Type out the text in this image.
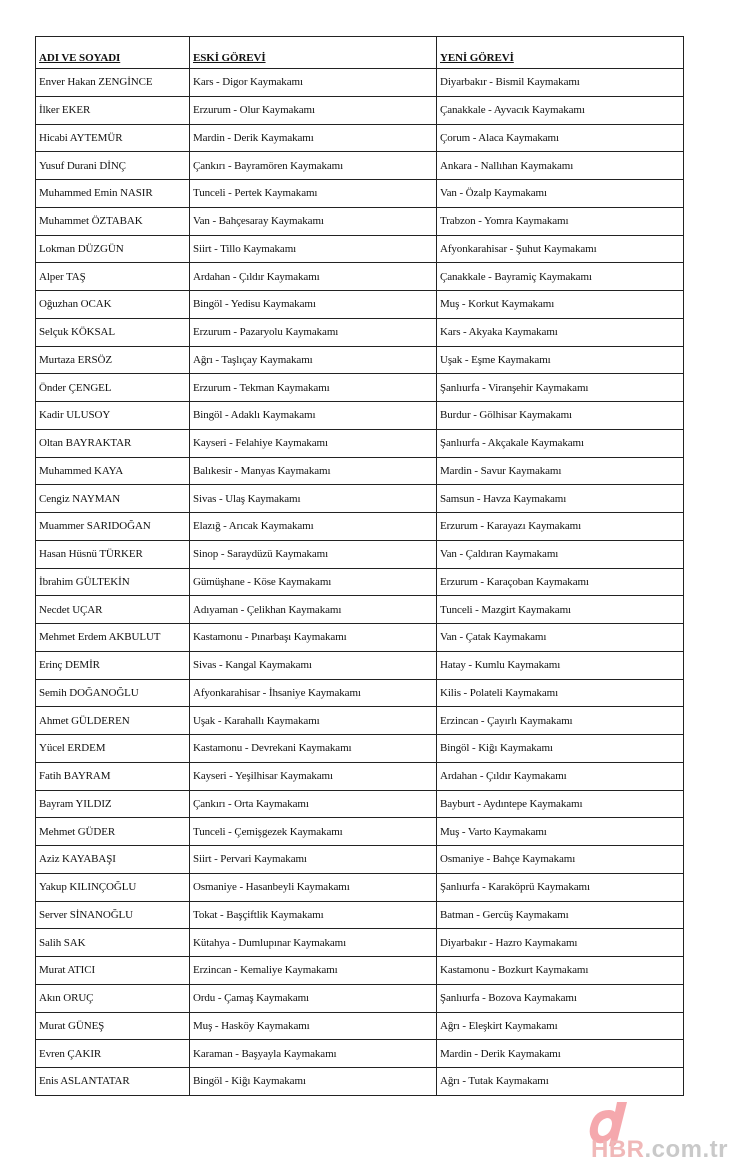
ADI VE SOYADI	ESKİ GÖREVİ	YENİ GÖREVİ
Enver Hakan ZENGİNCE	Kars - Digor Kaymakamı	Diyarbakır - Bismil Kaymakamı
İlker EKER	Erzurum - Olur Kaymakamı	Çanakkale - Ayvacık Kaymakamı
Hicabi AYTEMÜR	Mardin - Derik Kaymakamı	Çorum - Alaca Kaymakamı
Yusuf Durani DİNÇ	Çankırı - Bayramören Kaymakamı	Ankara - Nallıhan Kaymakamı
Muhammed Emin NASIR	Tunceli - Pertek Kaymakamı	Van - Özalp Kaymakamı
Muhammet ÖZTABAK	Van - Bahçesaray Kaymakamı	Trabzon - Yomra Kaymakamı
Lokman DÜZGÜN	Siirt - Tillo Kaymakamı	Afyonkarahisar - Şuhut Kaymakamı
Alper TAŞ	Ardahan - Çıldır Kaymakamı	Çanakkale - Bayramiç Kaymakamı
Oğuzhan OCAK	Bingöl - Yedisu Kaymakamı	Muş - Korkut Kaymakamı
Selçuk KÖKSAL	Erzurum - Pazaryolu Kaymakamı	Kars - Akyaka Kaymakamı
Murtaza ERSÖZ	Ağrı - Taşlıçay Kaymakamı	Uşak - Eşme Kaymakamı
Önder ÇENGEL	Erzurum - Tekman Kaymakamı	Şanlıurfa - Viranşehir Kaymakamı
Kadir ULUSOY	Bingöl - Adaklı Kaymakamı	Burdur - Gölhisar Kaymakamı
Oltan BAYRAKTAR	Kayseri - Felahiye Kaymakamı	Şanlıurfa - Akçakale Kaymakamı
Muhammed KAYA	Balıkesir - Manyas Kaymakamı	Mardin - Savur Kaymakamı
Cengiz NAYMAN	Sivas - Ulaş Kaymakamı	Samsun - Havza Kaymakamı
Muammer SARIDOĞAN	Elazığ - Arıcak Kaymakamı	Erzurum - Karayazı Kaymakamı
Hasan Hüsnü TÜRKER	Sinop - Saraydüzü Kaymakamı	Van - Çaldıran Kaymakamı
İbrahim GÜLTEKİN	Gümüşhane - Köse Kaymakamı	Erzurum - Karaçoban Kaymakamı
Necdet UÇAR	Adıyaman - Çelikhan Kaymakamı	Tunceli - Mazgirt Kaymakamı
Mehmet Erdem AKBULUT	Kastamonu - Pınarbaşı Kaymakamı	Van - Çatak Kaymakamı
Erinç DEMİR	Sivas - Kangal Kaymakamı	Hatay - Kumlu Kaymakamı
Semih DOĞANOĞLU	Afyonkarahisar - İhsaniye Kaymakamı	Kilis - Polateli Kaymakamı
Ahmet GÜLDEREN	Uşak - Karahallı Kaymakamı	Erzincan - Çayırlı Kaymakamı
Yücel ERDEM	Kastamonu - Devrekani Kaymakamı	Bingöl - Kiğı Kaymakamı
Fatih BAYRAM	Kayseri - Yeşilhisar Kaymakamı	Ardahan - Çıldır Kaymakamı
Bayram YILDIZ	Çankırı - Orta Kaymakamı	Bayburt - Aydıntepe Kaymakamı
Mehmet GÜDER	Tunceli - Çemişgezek Kaymakamı	Muş - Varto Kaymakamı
Aziz KAYABAŞI	Siirt - Pervari Kaymakamı	Osmaniye - Bahçe Kaymakamı
Yakup KILINÇOĞLU	Osmaniye - Hasanbeyli Kaymakamı	Şanlıurfa - Karaköprü Kaymakamı
Server SİNANOĞLU	Tokat - Başçiftlik Kaymakamı	Batman - Gercüş Kaymakamı
Salih SAK	Kütahya - Dumlupınar Kaymakamı	Diyarbakır - Hazro Kaymakamı
Murat ATICI	Erzincan - Kemaliye Kaymakamı	Kastamonu - Bozkurt Kaymakamı
Akın ORUÇ	Ordu - Çamaş Kaymakamı	Şanlıurfa - Bozova Kaymakamı
Murat GÜNEŞ	Muş - Hasköy Kaymakamı	Ağrı - Eleşkirt Kaymakamı
Evren ÇAKIR	Karaman - Başyayla Kaymakamı	Mardin - Derik Kaymakamı
Enis ASLANTATAR	Bingöl - Kiğı Kaymakamı	Ağrı - Tutak Kaymakamı
HBR.com.tr
